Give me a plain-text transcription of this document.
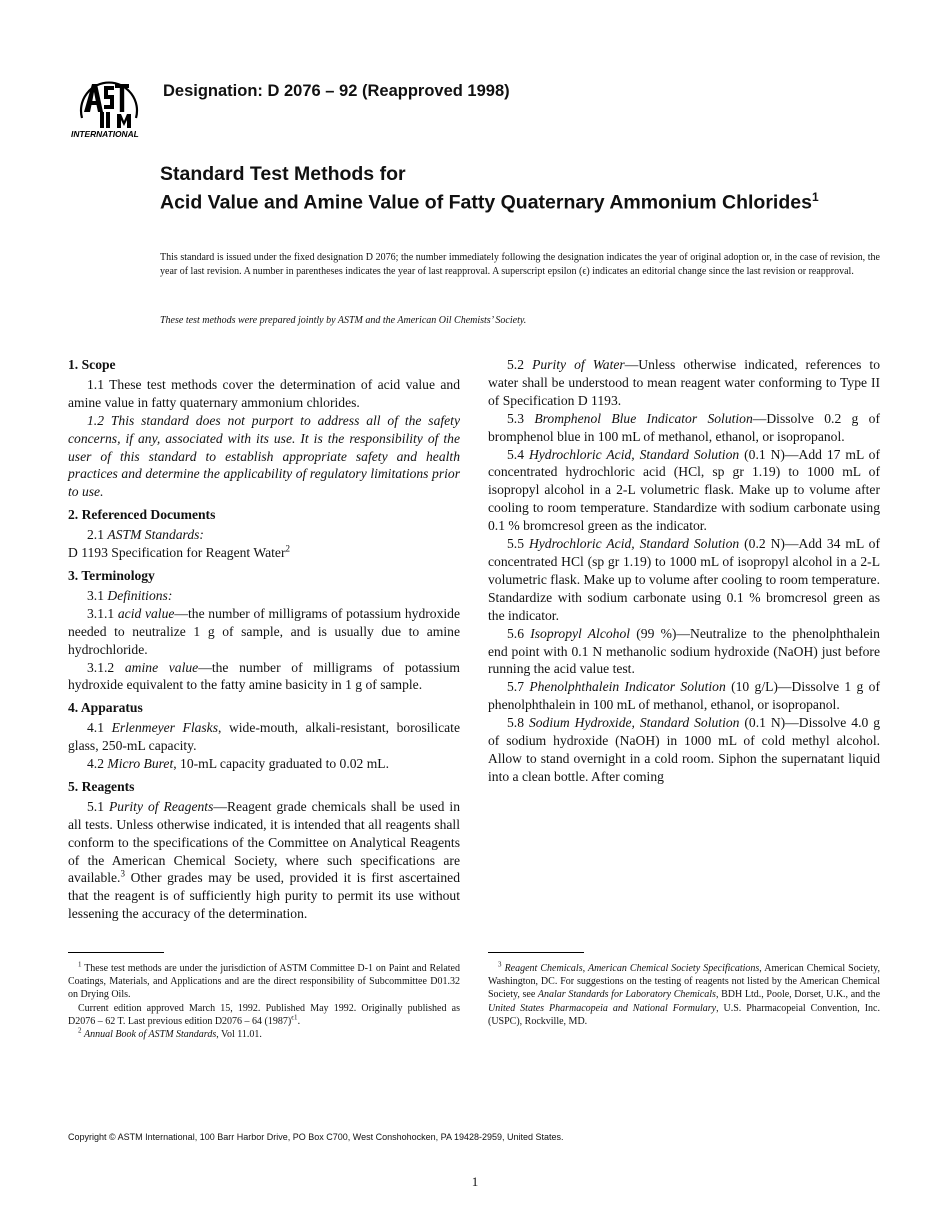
INTERNATIONAL
Designation: D 2076 – 92 (Reapproved 1998)
Standard Test Methods for
Acid Value and Amine Value of Fatty Quaternary Ammonium Chlorides$^1$
This standard is issued under the fixed designation D 2076; the number immediately following the designation indicates the year of original adoption or, in the case of revision, the year of last revision. A number in parentheses indicates the year of last reapproval. A superscript epsilon (ϵ) indicates an editorial change since the last revision or reapproval.
These test methods were prepared jointly by ASTM and the American Oil Chemists’ Society.
1. Scope

1.1 These test methods cover the determination of acid value and amine value in fatty quaternary ammonium chlorides.

1.2 This standard does not purport to address all of the safety concerns, if any, associated with its use. It is the responsibility of the user of this standard to establish appropriate safety and health practices and determine the applicability of regulatory limitations prior to use.

2. Referenced Documents

2.1 ASTM Standards:

D 1193 Specification for Reagent Water$^2$

3. Terminology

3.1 Definitions:

3.1.1 acid value—the number of milligrams of potassium hydroxide needed to neutralize 1 g of sample, and is usually due to amine hydrochloride.

3.1.2 amine value—the number of milligrams of potassium hydroxide equivalent to the fatty amine basicity in 1 g of sample.

4. Apparatus

4.1 Erlenmeyer Flasks, wide-mouth, alkali-resistant, borosilicate glass, 250-mL capacity.

4.2 Micro Buret, 10-mL capacity graduated to 0.02 mL.

5. Reagents

5.1 Purity of Reagents—Reagent grade chemicals shall be used in all tests. Unless otherwise indicated, it is intended that all reagents shall conform to the specifications of the Committee on Analytical Reagents of the American Chemical Society, where such specifications are available.$^3$ Other grades may be used, provided it is first ascertained that the reagent is of sufficiently high purity to permit its use without lessening the accuracy of the determination.

5.2 Purity of Water—Unless otherwise indicated, references to water shall be understood to mean reagent water conforming to Type II of Specification D 1193.

5.3 Bromphenol Blue Indicator Solution—Dissolve 0.2 g of bromphenol blue in 100 mL of methanol, ethanol, or isopropanol.

5.4 Hydrochloric Acid, Standard Solution (0.1 N)—Add 17 mL of concentrated hydrochloric acid (HCl, sp gr 1.19) to 1000 mL of isopropyl alcohol in a 2-L volumetric flask. Make up to volume after cooling to room temperature. Standardize with sodium carbonate using 0.1 % bromcresol green as the indicator.

5.5 Hydrochloric Acid, Standard Solution (0.2 N)—Add 34 mL of concentrated HCl (sp gr 1.19) to 1000 mL of isopropyl alcohol in a 2-L volumetric flask. Make up to volume after cooling to room temperature. Standardize with sodium carbonate using 0.1 % bromcresol green as the indicator.

5.6 Isopropyl Alcohol (99 %)—Neutralize to the phenolphthalein end point with 0.1 N methanolic sodium hydroxide (NaOH) just before running the acid value test.

5.7 Phenolphthalein Indicator Solution (10 g/L)—Dissolve 1 g of phenolphthalein in 100 mL of methanol, ethanol, or isopropanol.

5.8 Sodium Hydroxide, Standard Solution (0.1 N)—Dissolve 4.0 g of sodium hydroxide (NaOH) in 1000 mL of cold methyl alcohol. Allow to stand overnight in a cold room. Siphon the supernatant liquid into a clean bottle. After coming

$^1$ These test methods are under the jurisdiction of ASTM Committee D-1 on Paint and Related Coatings, Materials, and Applications and are the direct responsibility of Subcommittee D01.32 on Drying Oils.

Current edition approved March 15, 1992. Published May 1992. Originally published as D2076 – 62 T. Last previous edition D2076 – 64 $(1987)^{\epsilon 1}$.

$^2$ Annual Book of ASTM Standards, Vol 11.01.

$^3$ Reagent Chemicals, American Chemical Society Specifications, American Chemical Society, Washington, DC. For suggestions on the testing of reagents not listed by the American Chemical Society, see Analar Standards for Laboratory Chemicals, BDH Ltd., Poole, Dorset, U.K., and the United States Pharmacopeia and National Formulary, U.S. Pharmacopeial Convention, Inc. (USPC), Rockville, MD.

Copyright © ASTM International, 100 Barr Harbor Drive, PO Box C700, West Conshohocken, PA 19428-2959, United States.
1
